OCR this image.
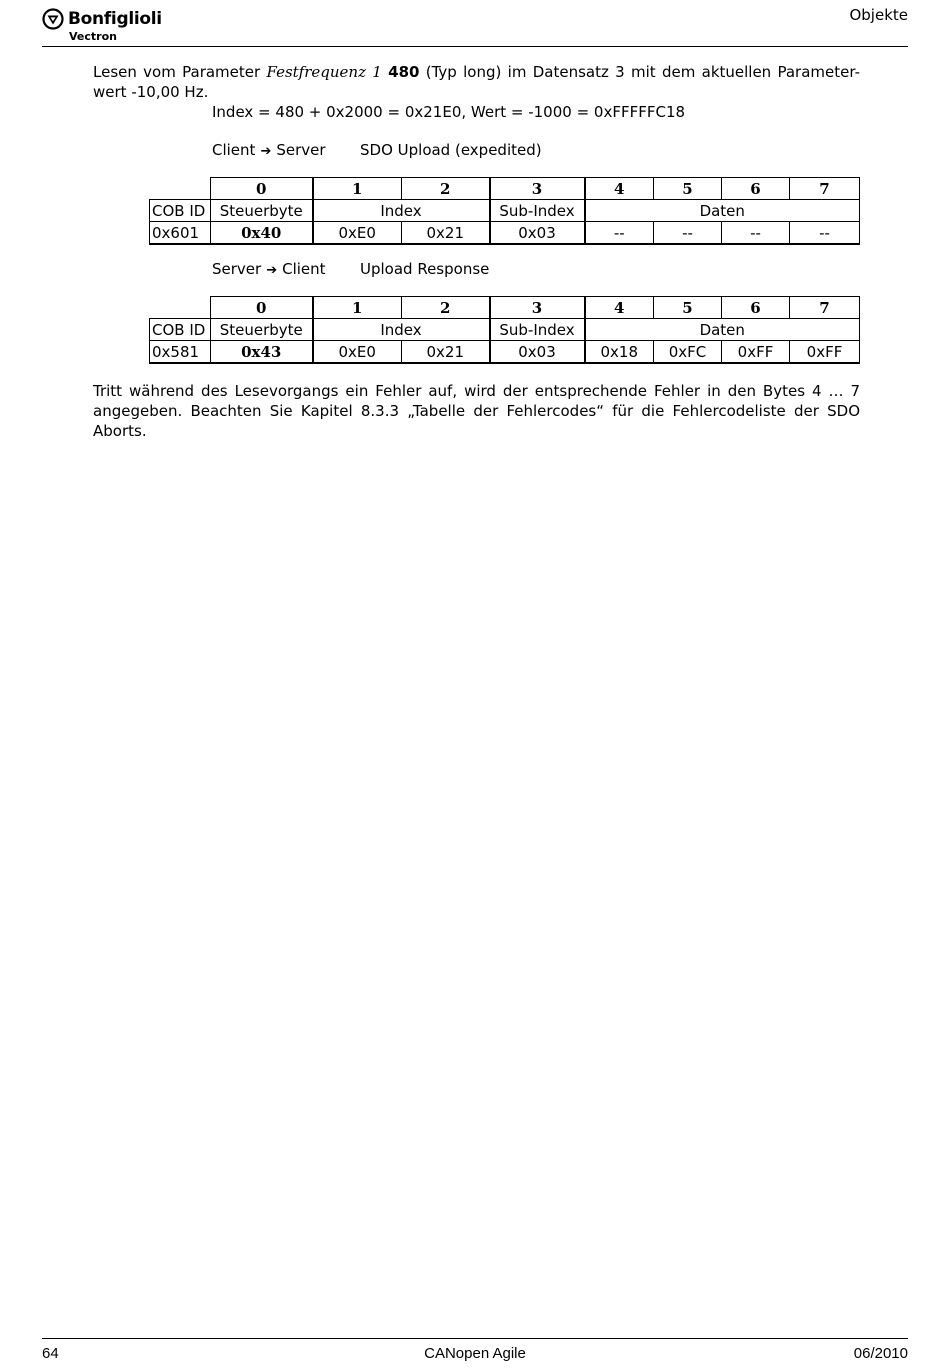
Bonfiglioli
Vectron
Objekte

Lesen vom Parameter Festfrequenz 1 480 (Typ long) im Datensatz 3 mit dem aktuellen Parameter-wert -10,00 Hz.

Index = 480 + 0x2000 = 0x21E0, Wert = -1000 = 0xFFFFFC18

Client ➔ Server SDO Upload (expedited)
	0	1	2	3	4	5	6	7
COB ID	Steuerbyte	Index		Sub-Index	Daten			
0x601	0x40	0xE0	0x21	0x03	--	--	--	--
Server ➔ Client Upload Response
	0	1	2	3	4	5	6	7
COB ID	Steuerbyte	Index		Sub-Index	Daten			
0x581	0x43	0xE0	0x21	0x03	0x18	0xFC	0xFF	0xFF

Tritt während des Lesevorgangs ein Fehler auf, wird der entsprechende Fehler in den Bytes 4 … 7 angegeben. Beachten Sie Kapitel 8.3.3 „Tabelle der Fehlercodes“ für die Fehlercodeliste der SDO Aborts.

64	CANopen Agile	06/2010
